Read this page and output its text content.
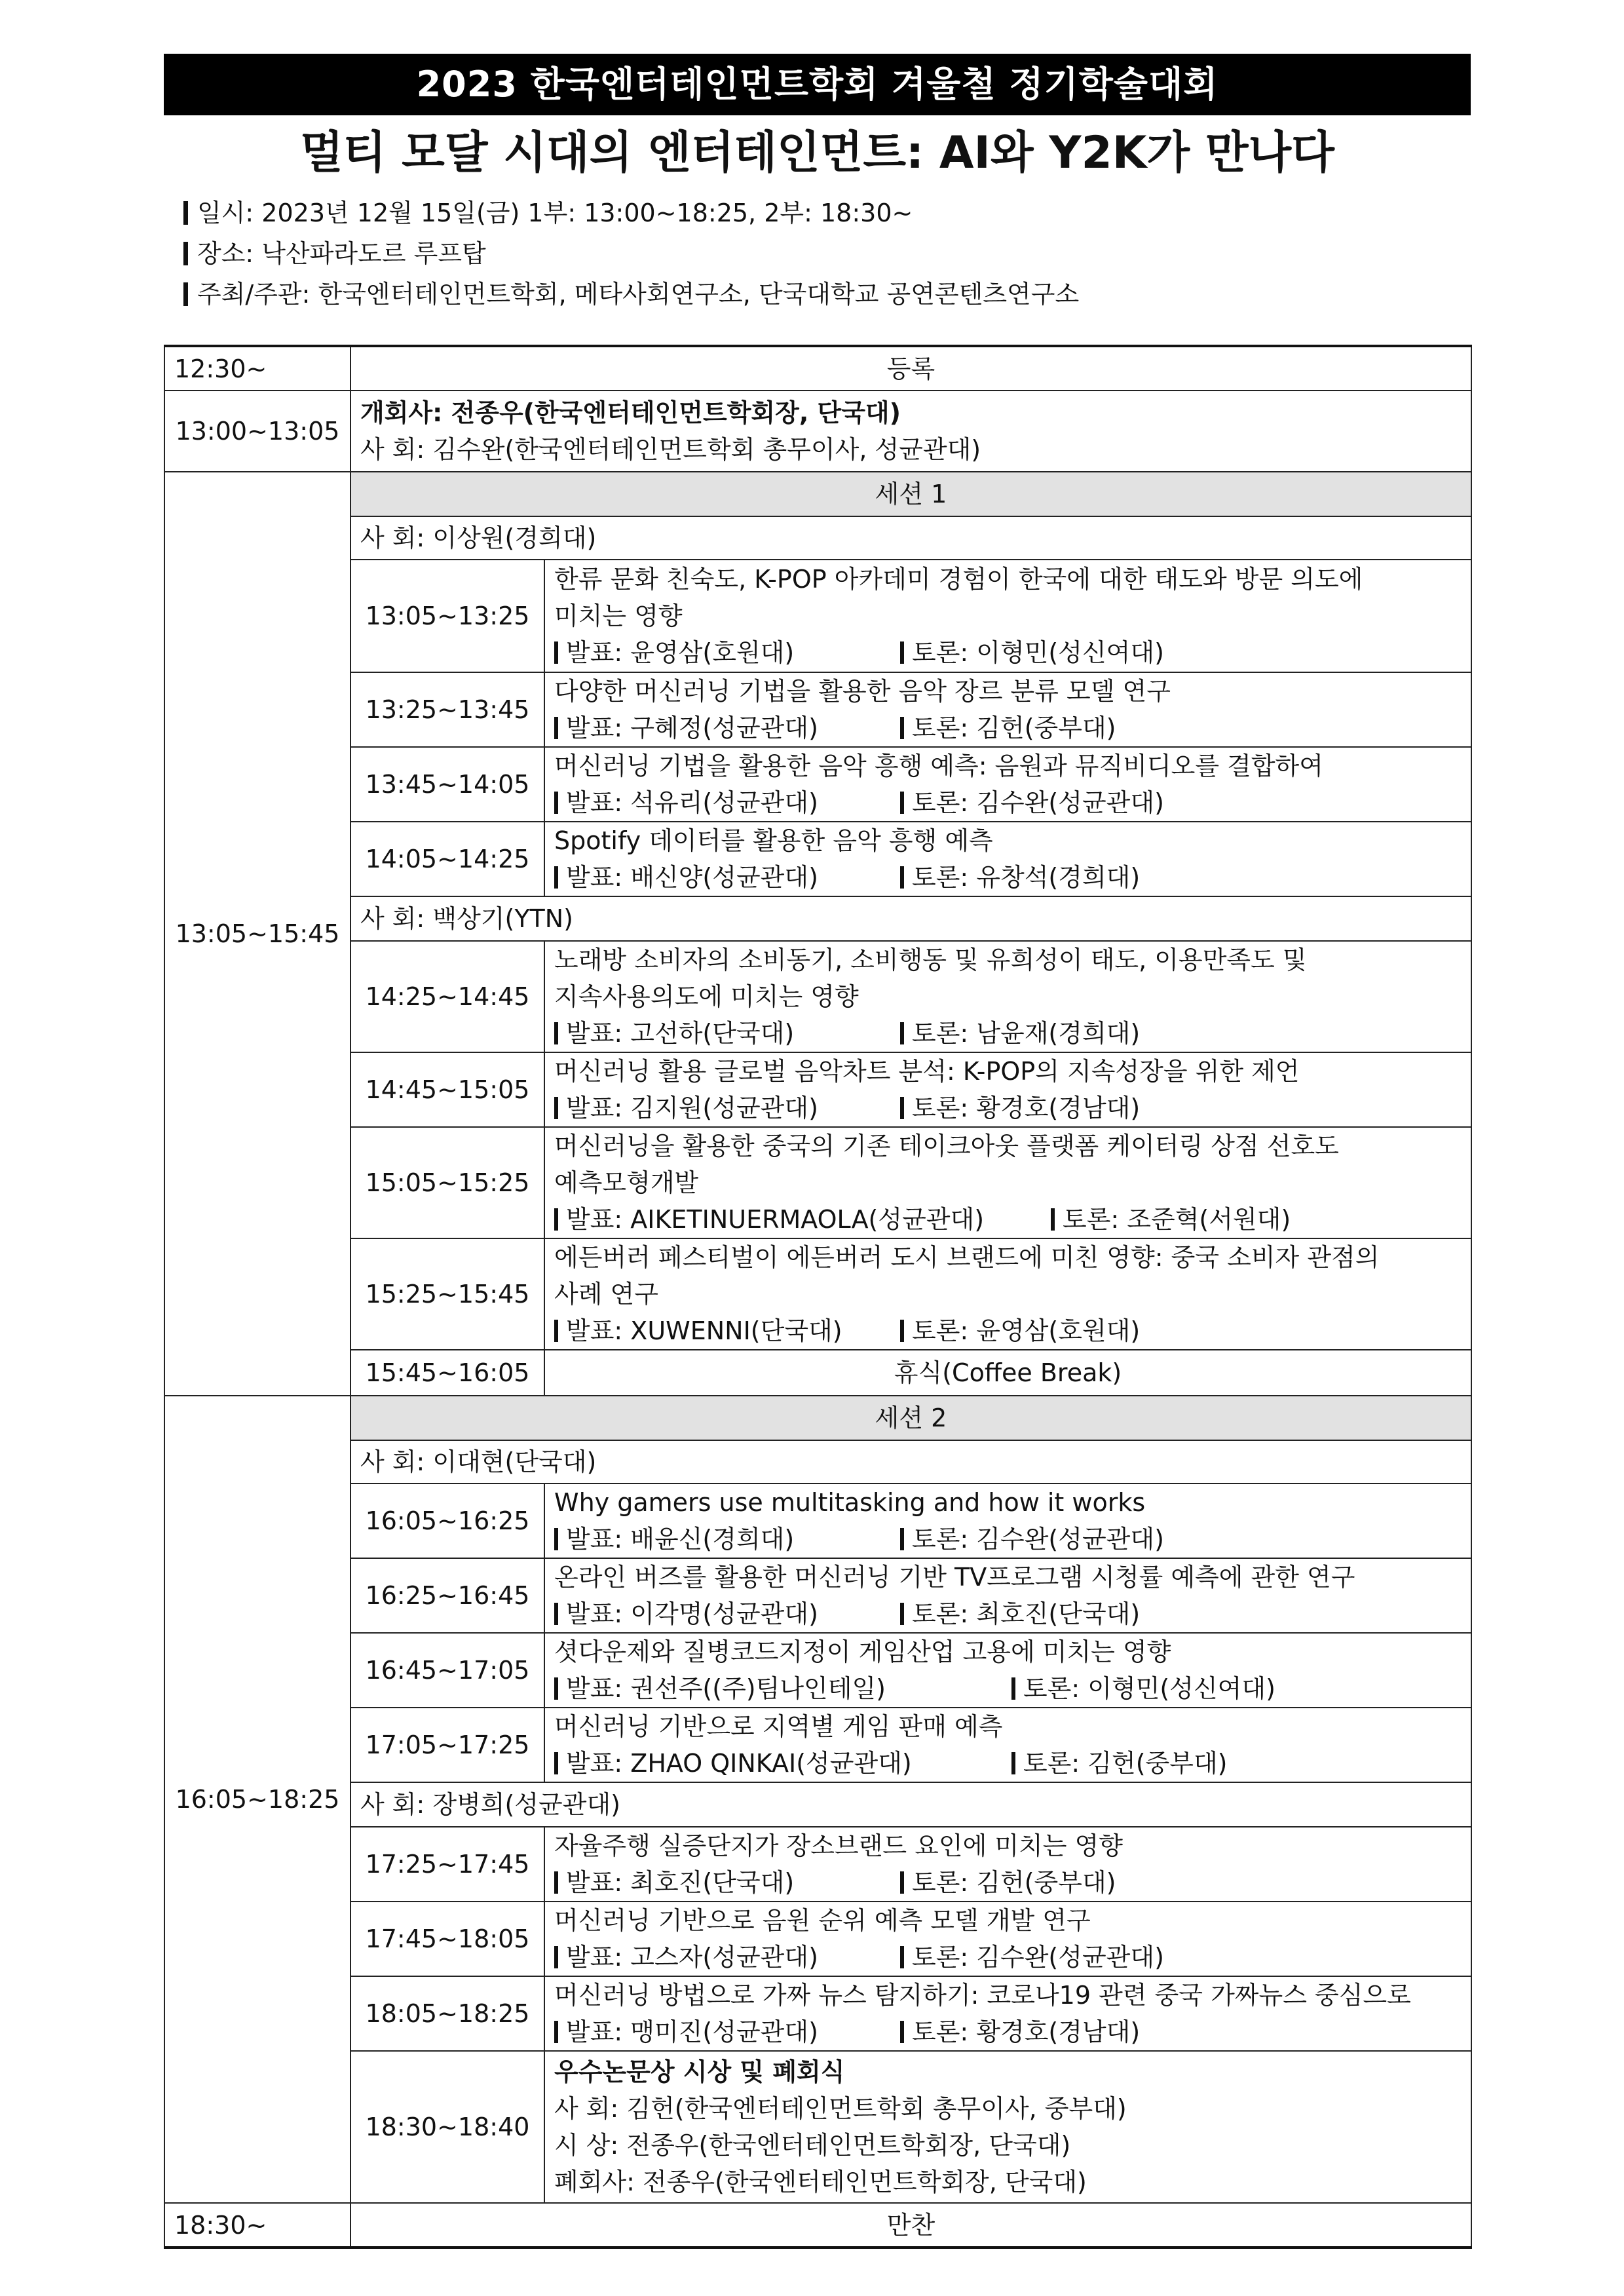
2023 한국엔터테인먼트학회 겨울철 정기학술대회
멀티 모달 시대의 엔터테인먼트: AI와 Y2K가 만나다
일시: 2023년 12월 15일(금) 1부: 13:00~18:25, 2부: 18:30~
장소: 낙산파라도르 루프탑
주최/주관: 한국엔터테인먼트학회, 메타사회연구소, 단국대학교 공연콘텐츠연구소
12:30~	등록	
13:00~13:05	개회사: 전종우(한국엔터테인먼트학회장, 단국대)
사 회: 김수완(한국엔터테인먼트학회 총무이사, 성균관대)	

13:05~15:45	세션 1	
	사 회: 이상원(경희대)	
	13:05~13:25	한류 문화 친숙도, K-POP 아카데미 경험이 한국에 대한 태도와 방문 의도에
미치는 영향
발표: 윤영삼(호원대) 토론: 이형민(성신여대)

	13:25~13:45	다양한 머신러닝 기법을 활용한 음악 장르 분류 모델 연구
발표: 구혜정(성균관대) 토론: 김헌(중부대)

	13:45~14:05	머신러닝 기법을 활용한 음악 흥행 예측: 음원과 뮤직비디오를 결합하여
발표: 석유리(성균관대) 토론: 김수완(성균관대)

	14:05~14:25	Spotify 데이터를 활용한 음악 흥행 예측
발표: 배신양(성균관대) 토론: 유창석(경희대)

	사 회: 백상기(YTN)	
	14:25~14:45	노래방 소비자의 소비동기, 소비행동 및 유희성이 태도, 이용만족도 및
지속사용의도에 미치는 영향
발표: 고선하(단국대) 토론: 남윤재(경희대)

	14:45~15:05	머신러닝 활용 글로벌 음악차트 분석: K-POP의 지속성장을 위한 제언
발표: 김지원(성균관대) 토론: 황경호(경남대)

	15:05~15:25	머신러닝을 활용한 중국의 기존 테이크아웃 플랫폼 케이터링 상점 선호도
예측모형개발
발표: AIKETINUERMAOLA(성균관대) 토론: 조준혁(서원대)

	15:25~15:45	에든버러 페스티벌이 에든버러 도시 브랜드에 미친 영향: 중국 소비자 관점의
사례 연구
발표: XUWENNI(단국대) 토론: 윤영삼(호원대)

	15:45~16:05	휴식(Coffee Break)
16:05~18:25	세션 2	
	사 회: 이대현(단국대)	
	16:05~16:25	Why gamers use multitasking and how it works
발표: 배윤신(경희대) 토론: 김수완(성균관대)

	16:25~16:45	온라인 버즈를 활용한 머신러닝 기반 TV프로그램 시청률 예측에 관한 연구
발표: 이각명(성균관대) 토론: 최호진(단국대)

	16:45~17:05	셧다운제와 질병코드지정이 게임산업 고용에 미치는 영향
발표: 권선주((주)팀나인테일) 토론: 이형민(성신여대)

	17:05~17:25	머신러닝 기반으로 지역별 게임 판매 예측
발표: ZHAO QINKAI(성균관대) 토론: 김헌(중부대)

	사 회: 장병희(성균관대)	
	17:25~17:45	자율주행 실증단지가 장소브랜드 요인에 미치는 영향
발표: 최호진(단국대) 토론: 김헌(중부대)

	17:45~18:05	머신러닝 기반으로 음원 순위 예측 모델 개발 연구
발표: 고스자(성균관대) 토론: 김수완(성균관대)

	18:05~18:25	머신러닝 방법으로 가짜 뉴스 탐지하기: 코로나19 관련 중국 가짜뉴스 중심으로
발표: 맹미진(성균관대) 토론: 황경호(경남대)

	18:30~18:40	우수논문상 시상 및 폐회식
사 회: 김헌(한국엔터테인먼트학회 총무이사, 중부대)
시 상: 전종우(한국엔터테인먼트학회장, 단국대)
폐회사: 전종우(한국엔터테인먼트학회장, 단국대)

18:30~	만찬	
